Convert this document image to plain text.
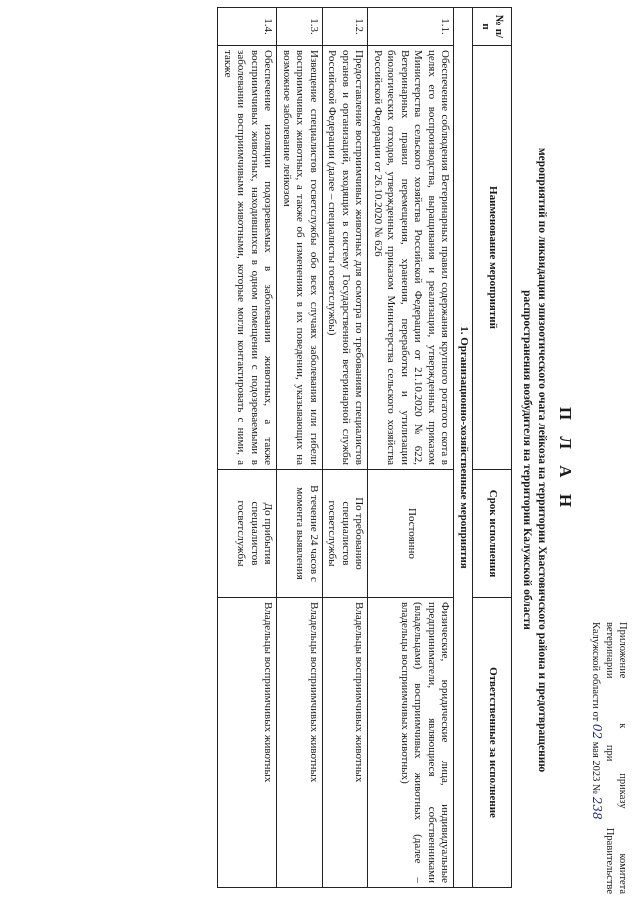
Приложение к приказу комитета
ветеринарии при Правительстве
Калужской области от 02 мая 2023 № 238
П Л А Н
мероприятий по ликвидации эпизоотического очага лейкоза на территории Хвастовичского района и предотвращению
распространения возбудителя на территории Калужской области
№ п/п	Наименование мероприятий	Срок исполнения	Ответственные за исполнение
1. Организационно-хозяйственные мероприятия			
1.1.	Обеспечение соблюдения Ветеринарных правил содержания крупного рогатого скота в целях его воспроизводства, выращивания и реализации, утвержденных приказом Министерства сельского хозяйства Российской Федерации от 21.10.2020 № 622, Ветеринарных правил перемещения, хранения, переработки и утилизации биологических отходов, утвержденных приказом Министерства сельского хозяйства Российской Федерации от 26.10.2020 № 626	Постоянно	Физические, юридические лица, индивидуальные предприниматели, являющиеся собственниками (владельцами) восприимчивых животных (далее – владельцы восприимчивых животных)
1.2.	Предоставление восприимчивых животных для осмотра по требованиям специалистов органов и организаций, входящих в систему Государственной ветеринарной службы Российской Федерации (далее – специалисты госветслужбы)	По требованию специалистов госветслужбы	Владельцы восприимчивых животных
1.3.	Извещение специалистов госветслужбы обо всех случаях заболевания или гибели восприимчивых животных, а также об изменениях в их поведении, указывающих на возможное заболевание лейкозом	В течение 24 часов с момента выявления	Владельцы восприимчивых животных
1.4.	Обеспечение изоляции подозреваемых в заболевании животных, а также восприимчивых животных, находившихся в одном помещении с подозреваемыми в заболевании восприимчивыми животными, которые могли контактировать с ними, а также	До прибытия специалистов госветслужбы	Владельцы восприимчивых животных
